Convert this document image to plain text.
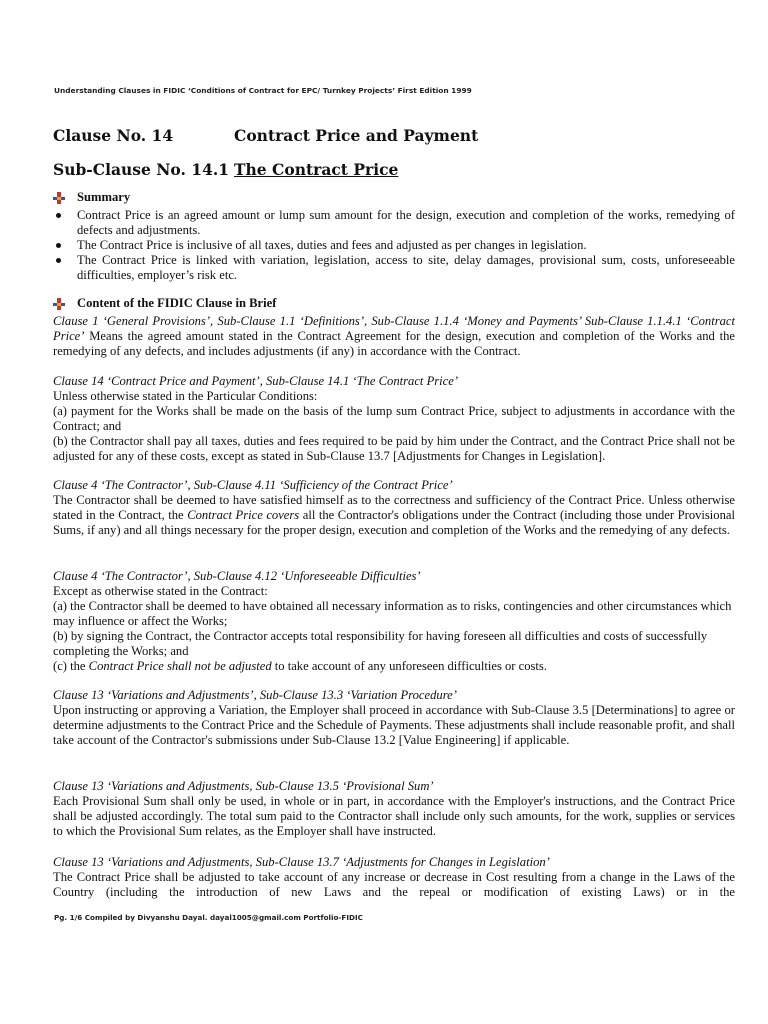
Understanding Clauses in FIDIC ‘Conditions of Contract for EPC/ Turnkey Projects’ First Edition 1999
Clause No. 14	Contract Price and Payment
Sub-Clause No. 14.1 The Contract Price
Summary
Contract Price is an agreed amount or lump sum amount for the design, execution and completion of the works, remedying of defects and adjustments.
The Contract Price is inclusive of all taxes, duties and fees and adjusted as per changes in legislation.
The Contract Price is linked with variation, legislation, access to site, delay damages, provisional sum, costs, unforeseeable difficulties, employer’s risk etc.
Content of the FIDIC Clause in Brief

Clause 1 ‘General Provisions’, Sub-Clause 1.1 ‘Definitions’, Sub-Clause 1.1.4 ‘Money and Payments’ Sub-Clause 1.1.4.1 ‘Contract Price’ Means the agreed amount stated in the Contract Agreement for the design, execution and completion of the Works and the remedying of any defects, and includes adjustments (if any) in accordance with the Contract.

Clause 14 ‘Contract Price and Payment’, Sub-Clause 14.1 ‘The Contract Price’

Unless otherwise stated in the Particular Conditions:

(a) payment for the Works shall be made on the basis of the lump sum Contract Price, subject to adjustments in accordance with the Contract; and

(b) the Contractor shall pay all taxes, duties and fees required to be paid by him under the Contract, and the Contract Price shall not be adjusted for any of these costs, except as stated in Sub-Clause 13.7 [Adjustments for Changes in Legislation].

Clause 4 ‘The Contractor’, Sub-Clause 4.11 ‘Sufficiency of the Contract Price’

The Contractor shall be deemed to have satisfied himself as to the correctness and sufficiency of the Contract Price. Unless otherwise stated in the Contract, the Contract Price covers all the Contractor's obligations under the Contract (including those under Provisional Sums, if any) and all things necessary for the proper design, execution and completion of the Works and the remedying of any defects.

Clause 4 ‘The Contractor’, Sub-Clause 4.12 ‘Unforeseeable Difficulties’

Except as otherwise stated in the Contract:

(a) the Contractor shall be deemed to have obtained all necessary information as to risks, contingencies and other circumstances which may influence or affect the Works;

(b) by signing the Contract, the Contractor accepts total responsibility for having foreseen all difficulties and costs of successfully completing the Works; and

(c) the Contract Price shall not be adjusted to take account of any unforeseen difficulties or costs.

Clause 13 ‘Variations and Adjustments’, Sub-Clause 13.3 ‘Variation Procedure’

Upon instructing or approving a Variation, the Employer shall proceed in accordance with Sub-Clause 3.5 [Determinations] to agree or determine adjustments to the Contract Price and the Schedule of Payments. These adjustments shall include reasonable profit, and shall take account of the Contractor's submissions under Sub-Clause 13.2 [Value Engineering] if applicable.

Clause 13 ‘Variations and Adjustments, Sub-Clause 13.5 ‘Provisional Sum’

Each Provisional Sum shall only be used, in whole or in part, in accordance with the Employer's instructions, and the Contract Price shall be adjusted accordingly. The total sum paid to the Contractor shall include only such amounts, for the work, supplies or services to which the Provisional Sum relates, as the Employer shall have instructed.

Clause 13 ‘Variations and Adjustments, Sub-Clause 13.7 ‘Adjustments for Changes in Legislation’

The Contract Price shall be adjusted to take account of any increase or decrease in Cost resulting from a change in the Laws of the Country (including the introduction of new Laws and the repeal or modification of existing Laws) or in the

Pg. 1/6 Compiled by Divyanshu Dayal. dayal1005@gmail.com Portfolio-FIDIC
